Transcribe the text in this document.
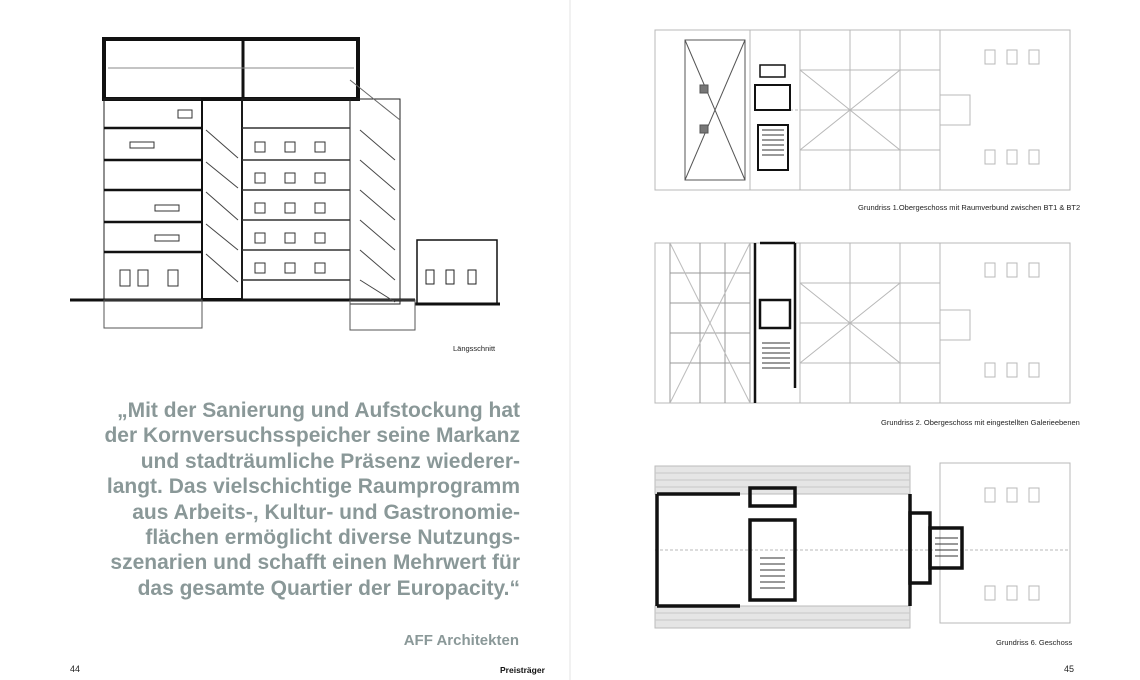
Längsschnitt
„Mit der Sanierung und Aufstockung hat
der Kornversuchsspeicher seine Markanz
und stadträumliche Präsenz wiederer-
langt. Das vielschichtige Raumprogramm
aus Arbeits-, Kultur- und Gastronomie-
flächen ermöglicht diverse Nutzungs-
szenarien und schafft einen Mehrwert für
das gesamte Quartier der Europacity.“
AFF Architekten
44	Preisträger
Grundriss 1.Obergeschoss mit Raumverbund zwischen BT1 & BT2
Grundriss 2. Obergeschoss mit eingestellten Galerieebenen
Grundriss 6. Geschoss
45
